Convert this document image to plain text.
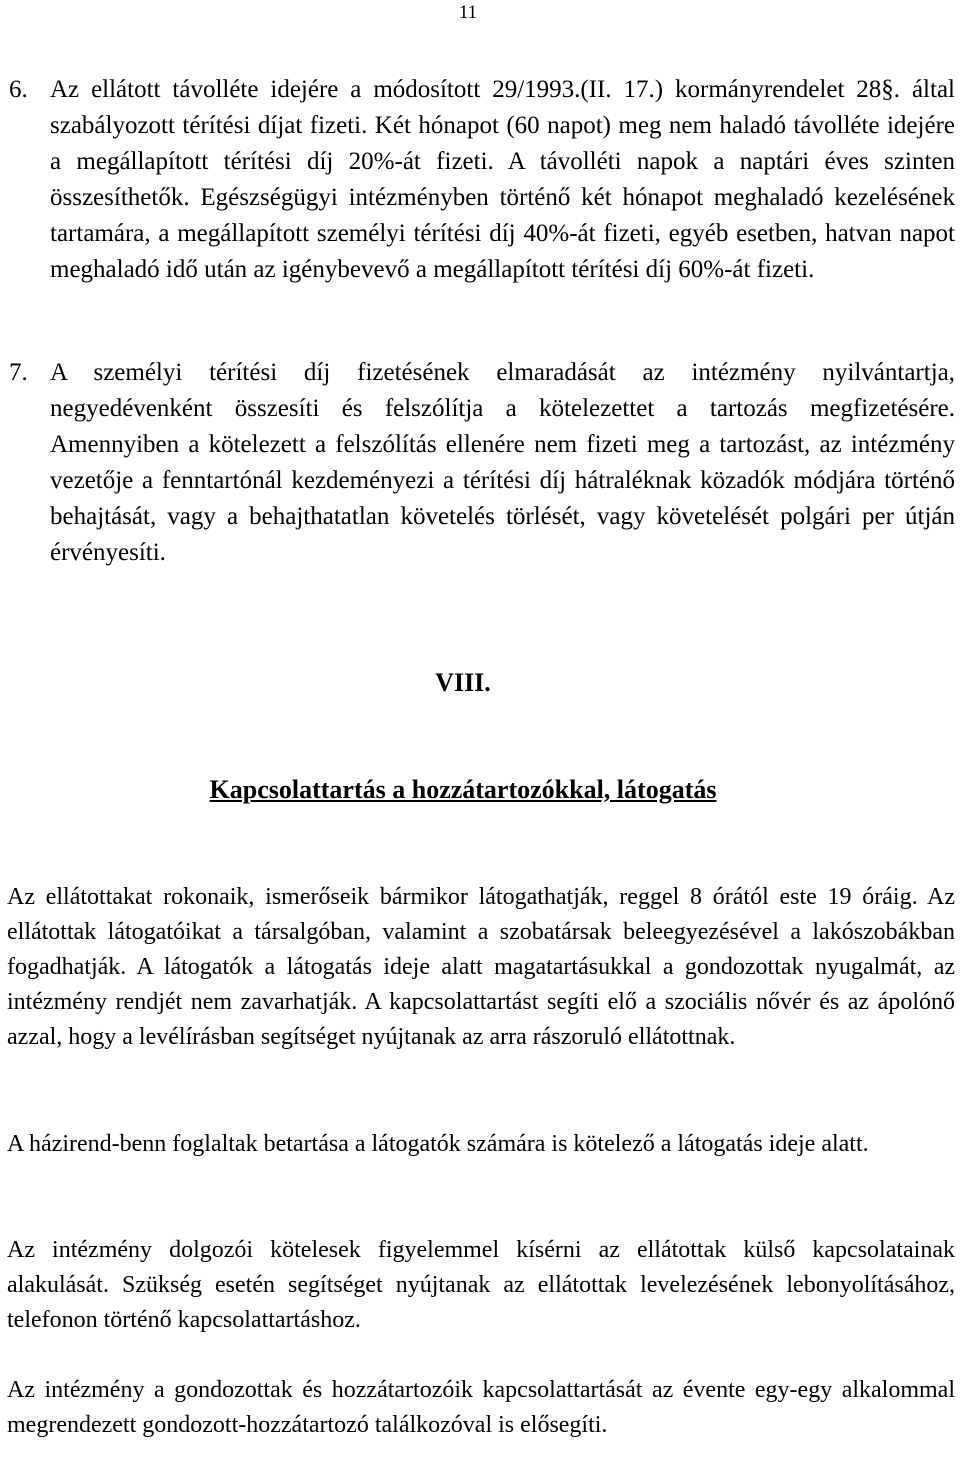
11
6. Az ellátott távolléte idejére a módosított 29/1993.(II. 17.) kormányrendelet 28§. által szabályozott térítési díjat fizeti. Két hónapot (60 napot) meg nem haladó távolléte idejére a megállapított térítési díj 20%-át fizeti. A távolléti napok a naptári éves szinten összesíthetők. Egészségügyi intézményben történő két hónapot meghaladó kezelésének tartamára, a megállapított személyi térítési díj 40%-át fizeti, egyéb esetben, hatvan napot meghaladó idő után az igénybevevő a megállapított térítési díj 60%-át fizeti.
7. A személyi térítési díj fizetésének elmaradását az intézmény nyilvántartja, negyedévenként összesíti és felszólítja a kötelezettet a tartozás megfizetésére. Amennyiben a kötelezett a felszólítás ellenére nem fizeti meg a tartozást, az intézmény vezetője a fenntartónál kezdeményezi a térítési díj hátraléknak közadók módjára történő behajtását, vagy a behajthatatlan követelés törlését, vagy követelését polgári per útján érvényesíti.
VIII.
Kapcsolattartás a hozzátartozókkal, látogatás

Az ellátottakat rokonaik, ismerőseik bármikor látogathatják, reggel 8 órától este 19 óráig. Az ellátottak látogatóikat a társalgóban, valamint a szobatársak beleegyezésével a lakószobákban fogadhatják. A látogatók a látogatás ideje alatt magatartásukkal a gondozottak nyugalmát, az intézmény rendjét nem zavarhatják. A kapcsolattartást segíti elő a szociális nővér és az ápolónő azzal, hogy a levélírásban segítséget nyújtanak az arra rászoruló ellátottnak.

A házirend-benn foglaltak betartása a látogatók számára is kötelező a látogatás ideje alatt.

Az intézmény dolgozói kötelesek figyelemmel kísérni az ellátottak külső kapcsolatainak alakulását. Szükség esetén segítséget nyújtanak az ellátottak levelezésének lebonyolításához, telefonon történő kapcsolattartáshoz.

Az intézmény a gondozottak és hozzátartozóik kapcsolattartását az évente egy-egy alkalommal megrendezett gondozott-hozzátartozó találkozóval is elősegíti.
